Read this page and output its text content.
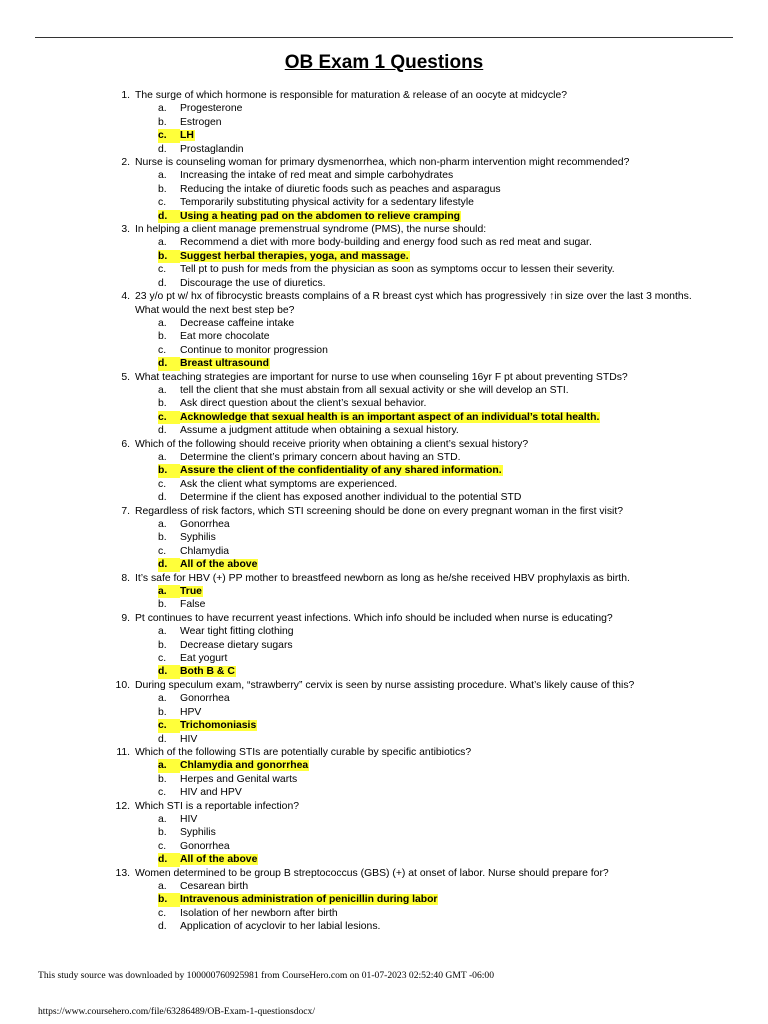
OB Exam 1 Questions
1. The surge of which hormone is responsible for maturation & release of an oocyte at midcycle?
a. Progesterone
b. Estrogen
c.	LH
d. Prostaglandin
2. Nurse is counseling woman for primary dysmenorrhea, which non-pharm intervention might recommended?
a. Increasing the intake of red meat and simple carbohydrates
b. Reducing the intake of diuretic foods such as peaches and asparagus
c. Temporarily substituting physical activity for a sedentary lifestyle
d.	Using a heating pad on the abdomen to relieve cramping
3. In helping a client manage premenstrual syndrome (PMS), the nurse should:
a. Recommend a diet with more body-building and energy food such as red meat and sugar.
b.	Suggest herbal therapies, yoga, and massage.
c. Tell pt to push for meds from the physician as soon as symptoms occur to lessen their severity.
d. Discourage the use of diuretics.
4. 23 y/o pt w/ hx of fibrocystic breasts complains of a R breast cyst which has progressively ↑in size over the last 3 months. What would the next best step be?
a. Decrease caffeine intake
b. Eat more chocolate
c. Continue to monitor progression
d.	Breast ultrasound
5. What teaching strategies are important for nurse to use when counseling 16yr F pt about preventing STDs?
a. tell the client that she must abstain from all sexual activity or she will develop an STI.
b. Ask direct question about the client’s sexual behavior.
c.	Acknowledge that sexual health is an important aspect of an individual’s total health.
d. Assume a judgment attitude when obtaining a sexual history.
6. Which of the following should receive priority when obtaining a client’s sexual history?
a. Determine the client’s primary concern about having an STD.
b.	Assure the client of the confidentiality of any shared information.
c. Ask the client what symptoms are experienced.
d. Determine if the client has exposed another individual to the potential STD
7. Regardless of risk factors, which STI screening should be done on every pregnant woman in the first visit?
a. Gonorrhea
b. Syphilis
c. Chlamydia
d.	All of the above
8. It’s safe for HBV (+) PP mother to breastfeed newborn as long as he/she received HBV prophylaxis as birth.
a.	True
b. False
9. Pt continues to have recurrent yeast infections. Which info should be included when nurse is educating?
a. Wear tight fitting clothing
b. Decrease dietary sugars
c. Eat yogurt
d.	Both B & C
10. During speculum exam, “strawberry” cervix is seen by nurse assisting procedure. What’s likely cause of this?
a. Gonorrhea
b. HPV
c.	Trichomoniasis
d. HIV
11. Which of the following STIs are potentially curable by specific antibiotics?
a.	Chlamydia and gonorrhea
b. Herpes and Genital warts
c. HIV and HPV
12. Which STI is a reportable infection?
a. HIV
b. Syphilis
c. Gonorrhea
d.	All of the above
13. Women determined to be group B streptococcus (GBS) (+) at onset of labor. Nurse should prepare for?
a. Cesarean birth
b.	Intravenous administration of penicillin during labor
c. Isolation of her newborn after birth
d. Application of acyclovir to her labial lesions.
This study source was downloaded by 100000760925981 from CourseHero.com on 01-07-2023 02:52:40 GMT -06:00
https://www.coursehero.com/file/63286489/OB-Exam-1-questionsdocx/
